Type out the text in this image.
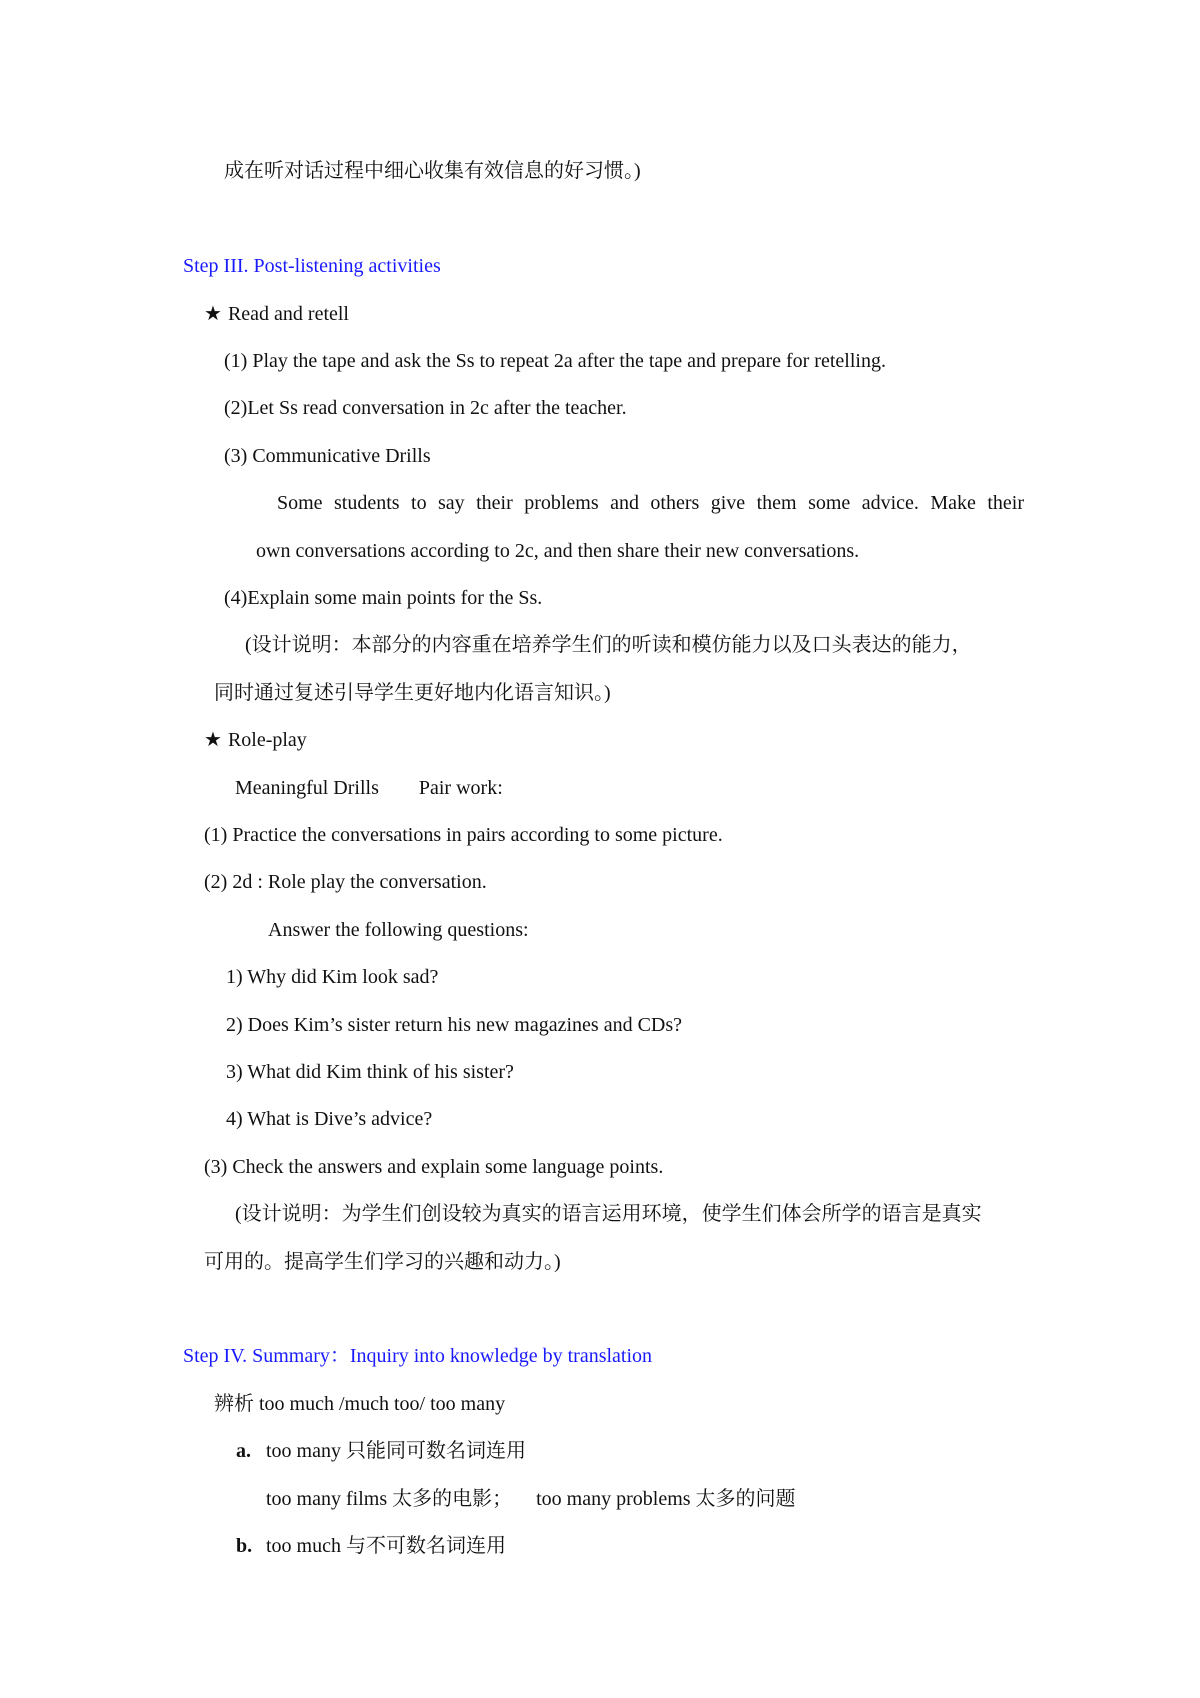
成在听对话过程中细心收集有效信息的好习惯。)

Step III. Post-listening activities

★ Read and retell

(1) Play the tape and ask the Ss to repeat 2a after the tape and prepare for retelling.

(2)Let Ss read conversation in 2c after the teacher.

(3) Communicative Drills

Some students to say their problems and others give them some advice. Make their

own conversations according to 2c, and then share their new conversations.

(4)Explain some main points for the Ss.

(设计说明：本部分的内容重在培养学生们的听读和模仿能力以及口头表达的能力，

同时通过复述引导学生更好地内化语言知识。)

★ Role-play

Meaningful Drills Pair work:

(1) Practice the conversations in pairs according to some picture.

(2) 2d : Role play the conversation.

Answer the following questions:

1) Why did Kim look sad?

2) Does Kim’s sister return his new magazines and CDs?

3) What did Kim think of his sister?

4) What is Dive’s advice?

(3) Check the answers and explain some language points.

(设计说明：为学生们创设较为真实的语言运用环境，使学生们体会所学的语言是真实

可用的。提高学生们学习的兴趣和动力。)

Step IV. Summary：Inquiry into knowledge by translation

辨析 too much /much too/ too many

a. too many 只能同可数名词连用

too many films 太多的电影； too many problems 太多的问题

b. too much 与不可数名词连用
